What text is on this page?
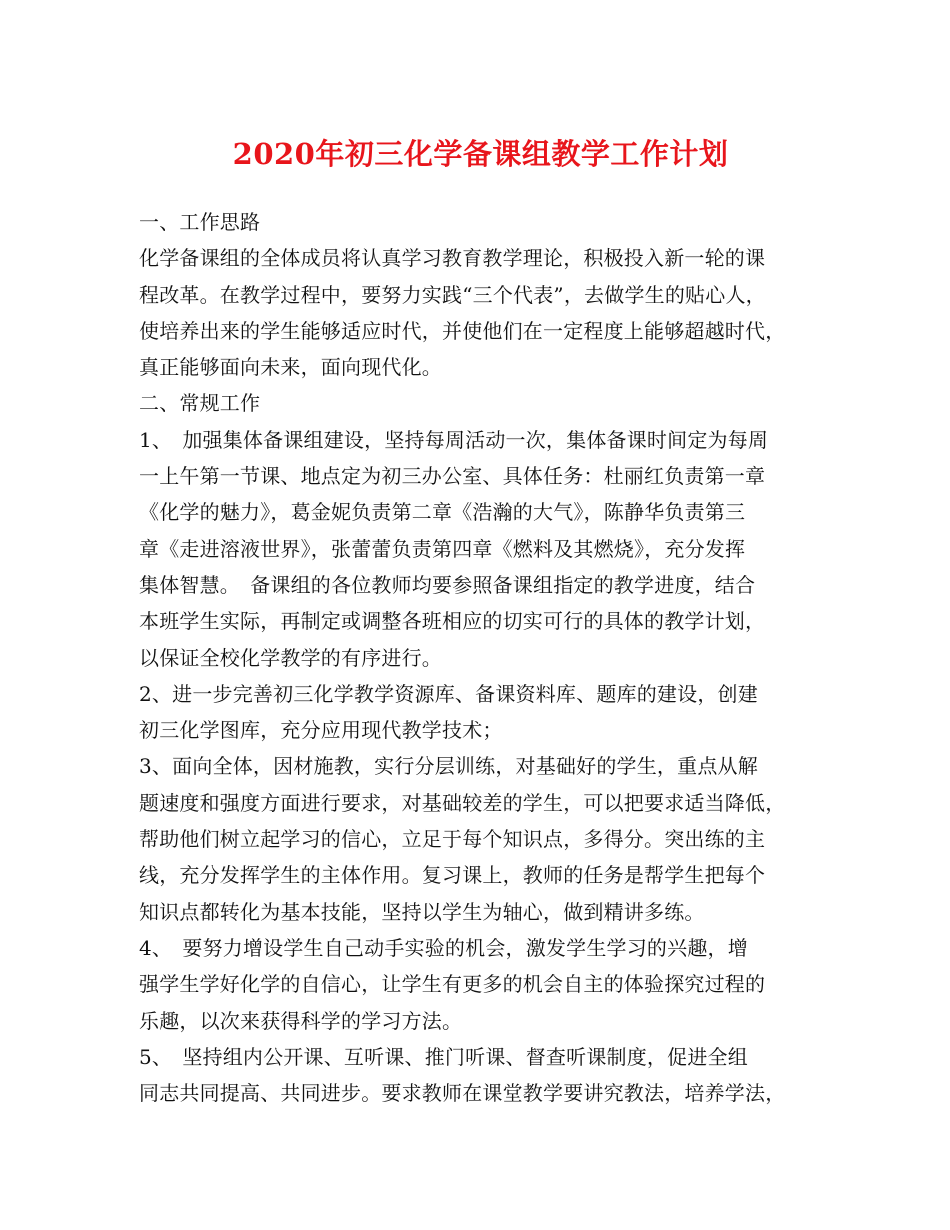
2020年初三化学备课组教学工作计划
一、工作思路
化学备课组的全体成员将认真学习教育教学理论，积极投入新一轮的课
程改革。在教学过程中，要努力实践“三个代表”，去做学生的贴心人，
使培养出来的学生能够适应时代，并使他们在一定程度上能够超越时代，
真正能够面向未来，面向现代化。
二、常规工作
1、　加强集体备课组建设，坚持每周活动一次，集体备课时间定为每周
一上午第一节课、地点定为初三办公室、具体任务：杜丽红负责第一章
《化学的魅力》，葛金妮负责第二章《浩瀚的大气》，陈静华负责第三
章《走进溶液世界》，张蕾蕾负责第四章《燃料及其燃烧》，充分发挥
集体智慧。　备课组的各位教师均要参照备课组指定的教学进度，结合
本班学生实际，再制定或调整各班相应的切实可行的具体的教学计划，
以保证全校化学教学的有序进行。
2、进一步完善初三化学教学资源库、备课资料库、题库的建设，创建
初三化学图库，充分应用现代教学技术；
3、面向全体，因材施教，实行分层训练，对基础好的学生，重点从解
题速度和强度方面进行要求，对基础较差的学生，可以把要求适当降低，
帮助他们树立起学习的信心，立足于每个知识点，多得分。突出练的主
线，充分发挥学生的主体作用。复习课上，教师的任务是帮学生把每个
知识点都转化为基本技能，坚持以学生为轴心，做到精讲多练。
4、　要努力增设学生自己动手实验的机会，激发学生学习的兴趣，增
强学生学好化学的自信心，让学生有更多的机会自主的体验探究过程的
乐趣，以次来获得科学的学习方法。
5、　坚持组内公开课、互听课、推门听课、督查听课制度，促进全组
同志共同提高、共同进步。要求教师在课堂教学要讲究教法，培养学法，
